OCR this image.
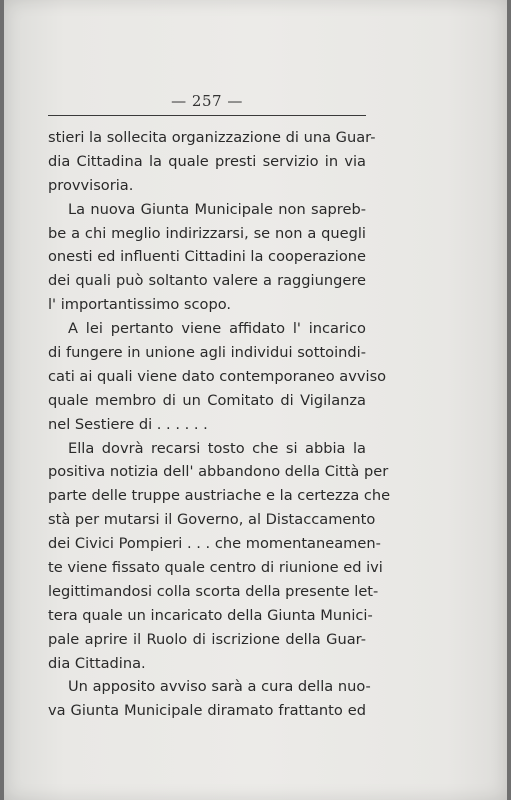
— 257 —
stieri la sollecita organizzazione di una Guar-
dia Cittadina la quale presti servizio in via
provvisoria.
La nuova Giunta Municipale non sapreb-
be a chi meglio indirizzarsi, se non a quegli
onesti ed influenti Cittadini la cooperazione
dei quali può soltanto valere a raggiungere
l' importantissimo scopo.
A lei pertanto viene affidato l' incarico
di fungere in unione agli individui sottoindi-
cati ai quali viene dato contemporaneo avviso
quale membro di un Comitato di Vigilanza
nel Sestiere di . . . . . .
Ella dovrà recarsi tosto che si abbia la
positiva notizia dell' abbandono della Città per
parte delle truppe austriache e la certezza che
stà per mutarsi il Governo, al Distaccamento
dei Civici Pompieri . . . che momentaneamen-
te viene fissato quale centro di riunione ed ivi
legittimandosi colla scorta della presente let-
tera quale un incaricato della Giunta Munici-
pale aprire il Ruolo di iscrizione della Guar-
dia Cittadina.
Un apposito avviso sarà a cura della nuo-
va Giunta Municipale diramato frattanto ed
